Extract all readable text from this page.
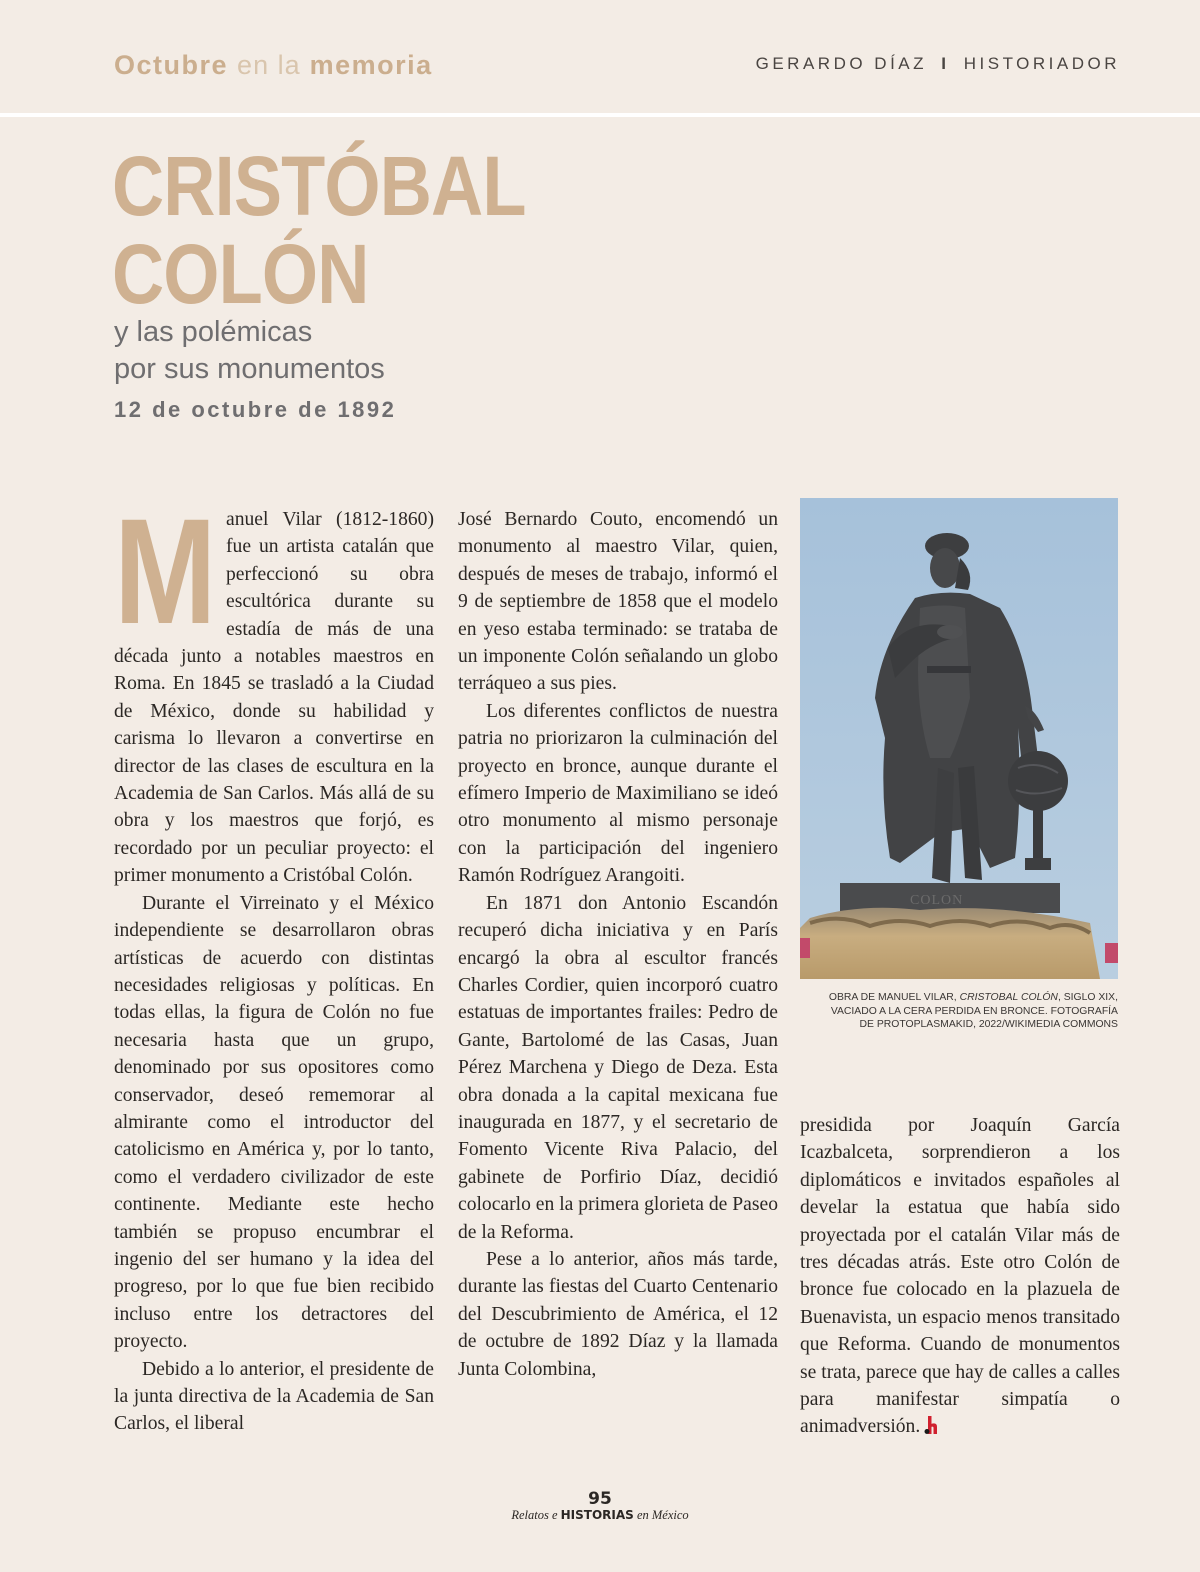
Octubre en la memoria	GERARDO DÍAZ I HISTORIADOR
CRISTÓBAL
COLÓN
y las polémicas
por sus monumentos
12 de octubre de 1892
M anuel Vilar (1812-1860) fue un artista catalán que perfeccionó su obra escultórica durante su estadía de más de una década junto a notables maestros en Roma. En 1845 se trasladó a la Ciudad de México, donde su habilidad y carisma lo llevaron a convertirse en director de las clases de escultura en la Academia de San Carlos. Más allá de su obra y los maestros que forjó, es recordado por un peculiar proyecto: el primer monumento a Cristóbal Colón.

Durante el Virreinato y el México independiente se desarrollaron obras artísticas de acuerdo con distintas necesidades religiosas y políticas. En todas ellas, la figura de Colón no fue necesaria hasta que un grupo, denominado por sus opositores como conservador, deseó rememorar al almirante como el introductor del catolicismo en América y, por lo tanto, como el verdadero civilizador de este continente. Mediante este hecho también se propuso encumbrar el ingenio del ser humano y la idea del progreso, por lo que fue bien recibido incluso entre los detractores del proyecto.

Debido a lo anterior, el presidente de la junta directiva de la Academia de San Carlos, el liberal

José Bernardo Couto, encomendó un monumento al maestro Vilar, quien, después de meses de trabajo, informó el 9 de septiembre de 1858 que el modelo en yeso estaba terminado: se trataba de un imponente Colón señalando un globo terráqueo a sus pies.

Los diferentes conflictos de nuestra patria no priorizaron la culminación del proyecto en bronce, aunque durante el efímero Imperio de Maximiliano se ideó otro monumento al mismo personaje con la participación del ingeniero Ramón Rodríguez Arangoiti.

En 1871 don Antonio Escandón recuperó dicha iniciativa y en París encargó la obra al escultor francés Charles Cordier, quien incorporó cuatro estatuas de importantes frailes: Pedro de Gante, Bartolomé de las Casas, Juan Pérez Marchena y Diego de Deza. Esta obra donada a la capital mexicana fue inaugurada en 1877, y el secretario de Fomento Vicente Riva Palacio, del gabinete de Porfirio Díaz, decidió colocarlo en la primera glorieta de Paseo de la Reforma.

Pese a lo anterior, años más tarde, durante las fiestas del Cuarto Centenario del Descubrimiento de América, el 12 de octubre de 1892 Díaz y la llamada Junta Colombina,

COLON
OBRA DE MANUEL VILAR, CRISTOBAL COLÓN, SIGLO XIX, VACIADO A LA CERA PERDIDA EN BRONCE. FOTOGRAFÍA DE PROTOPLASMAKID, 2022/WIKIMEDIA COMMONS

presidida por Joaquín García Icazbalceta, sorprendieron a los diplomáticos e invitados españoles al develar la estatua que había sido proyectada por el catalán Vilar más de tres décadas atrás. Este otro Colón de bronce fue colocado en la plazuela de Buenavista, un espacio menos transitado que Reforma. Cuando de monumentos se trata, parece que hay de calles a calles para manifestar simpatía o animadversión.

95
Relatos e HISTORIAS en México
